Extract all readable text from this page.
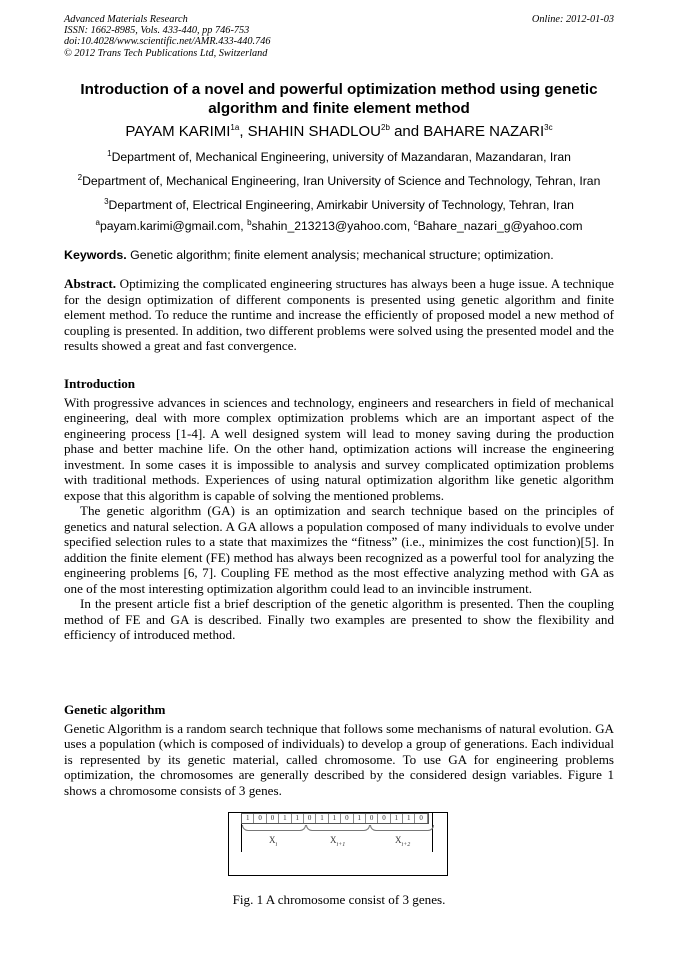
Advanced Materials Research
ISSN: 1662-8985, Vols. 433-440, pp 746-753
doi:10.4028/www.scientific.net/AMR.433-440.746
© 2012 Trans Tech Publications Ltd, Switzerland
Online: 2012-01-03
Introduction of a novel and powerful optimization method using genetic
algorithm and finite element method
PAYAM $KARIMI^{1a}$, SHAHIN $SHADLOU^{2b}$ and BAHARE $NAZARI^{3c}$
$^1$Department of, Mechanical Engineering, university of Mazandaran, Mazandaran, Iran
$^2$Department of, Mechanical Engineering, Iran University of Science and Technology, Tehran, Iran
$^3$Department of, Electrical Engineering, Amirkabir University of Technology, Tehran, Iran
$^a$payam.karimi@gmail.com, $^b$shahin_213213@yahoo.com, $^c$Bahare_nazari_g@yahoo.com
Keywords. Genetic algorithm; finite element analysis; mechanical structure; optimization.
Abstract. Optimizing the complicated engineering structures has always been a huge issue. A technique for the design optimization of different components is presented using genetic algorithm and finite element method. To reduce the runtime and increase the efficiently of proposed model a new method of coupling is presented. In addition, two different problems were solved using the presented model and the results showed a great and fast convergence.
Introduction

With progressive advances in sciences and technology, engineers and researchers in field of mechanical engineering, deal with more complex optimization problems which are an important aspect of the engineering process [1-4]. A well designed system will lead to money saving during the production phase and better machine life. On the other hand, optimization actions will increase the engineering investment. In some cases it is impossible to analysis and survey complicated optimization problems with traditional methods. Experiences of using natural optimization algorithm like genetic algorithm expose that this algorithm is capable of solving the mentioned problems.

The genetic algorithm (GA) is an optimization and search technique based on the principles of genetics and natural selection. A GA allows a population composed of many individuals to evolve under specified selection rules to a state that maximizes the “fitness” (i.e., minimizes the cost function)[5]. In addition the finite element (FE) method has always been recognized as a powerful tool for analyzing the engineering problems [6, 7]. Coupling FE method as the most effective analyzing method with GA as one of the most interesting optimization algorithm could lead to an invincible instrument.

In the present article fist a brief description of the genetic algorithm is presented. Then the coupling method of FE and GA is described. Finally two examples are presented to show the flexibility and efficiency of introduced method.

Genetic algorithm

Genetic Algorithm is a random search technique that follows some mechanisms of natural evolution. GA uses a population (which is composed of individuals) to develop a group of generations. Each individual is represented by its genetic material, called chromosome. To use GA for engineering problems optimization, the chromosomes are generally described by the considered design variables. Figure 1 shows a chromosome consists of 3 genes.

1	0	0	1	1	0	1	1	0	1	0	0	1	1	0
$X_i$	$X_{i+1}$	$X_{i+2}$
Fig. 1 A chromosome consist of 3 genes.
